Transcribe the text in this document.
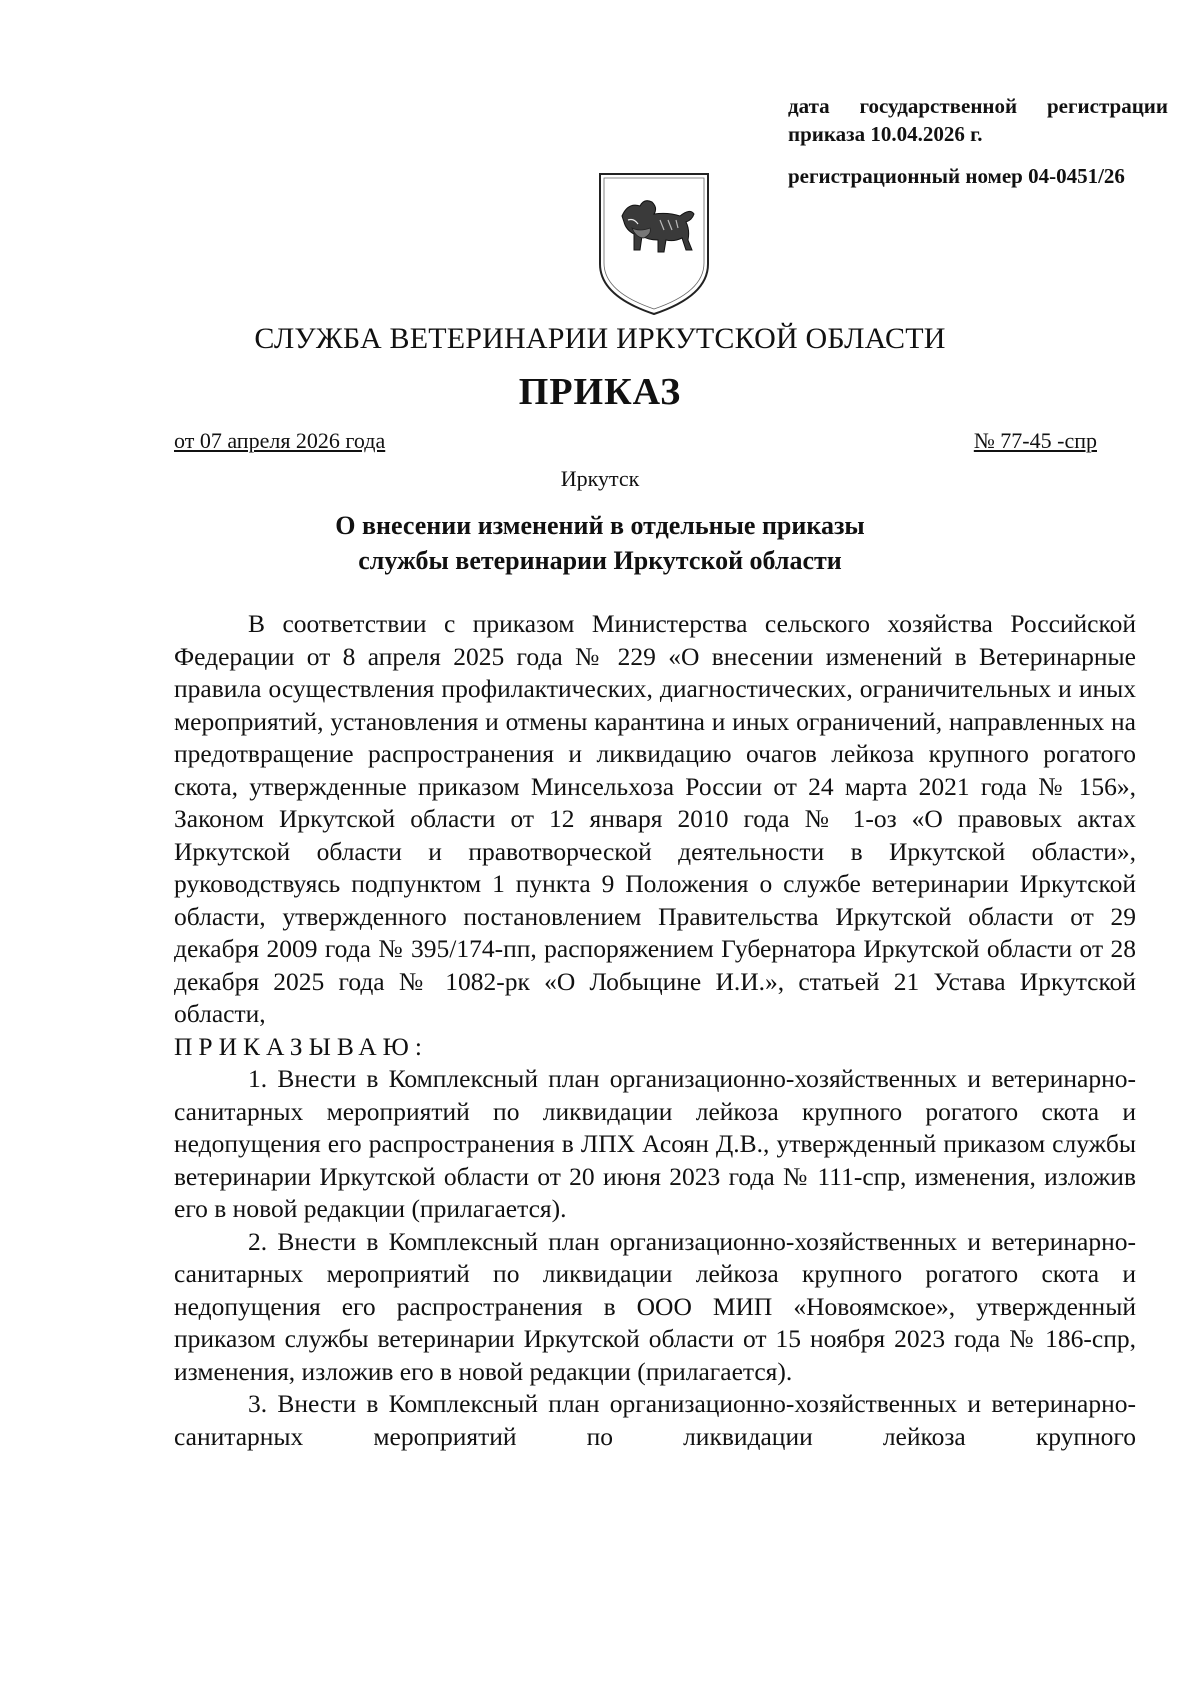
дата государственной регистрации
приказа 10.04.2026 г.
регистрационный номер 04-0451/26
СЛУЖБА ВЕТЕРИНАРИИ ИРКУТСКОЙ ОБЛАСТИ
ПРИКАЗ
от 07 апреля 2026 года	№ 77-45 -спр
Иркутск
О внесении изменений в отдельные приказы
службы ветеринарии Иркутской области

В соответствии с приказом Министерства сельского хозяйства Российской Федерации от 8 апреля 2025 года № 229 «О внесении изменений в Ветеринарные правила осуществления профилактических, диагностических, ограничительных и иных мероприятий, установления и отмены карантина и иных ограничений, направленных на предотвращение распространения и ликвидацию очагов лейкоза крупного рогатого скота, утвержденные приказом Минсельхоза России от 24 марта 2021 года № 156», Законом Иркутской области от 12 января 2010 года № 1-оз «О правовых актах Иркутской области и правотворческой деятельности в Иркутской области», руководствуясь подпунктом 1 пункта 9 Положения о службе ветеринарии Иркутской области, утвержденного постановлением Правительства Иркутской области от 29 декабря 2009 года № 395/174-пп, распоряжением Губернатора Иркутской области от 28 декабря 2025 года № 1082-рк «О Лобыцине И.И.», статьей 21 Устава Иркутской области,

ПРИКАЗЫВАЮ:

1. Внести в Комплексный план организационно-хозяйственных и ветеринарно-санитарных мероприятий по ликвидации лейкоза крупного рогатого скота и недопущения его распространения в ЛПХ Асоян Д.В., утвержденный приказом службы ветеринарии Иркутской области от 20 июня 2023 года № 111-спр, изменения, изложив его в новой редакции (прилагается).

2. Внести в Комплексный план организационно-хозяйственных и ветеринарно-санитарных мероприятий по ликвидации лейкоза крупного рогатого скота и недопущения его распространения в ООО МИП «Новоямское», утвержденный приказом службы ветеринарии Иркутской области от 15 ноября 2023 года № 186-спр, изменения, изложив его в новой редакции (прилагается).

3. Внести в Комплексный план организационно-хозяйственных и ветеринарно-санитарных мероприятий по ликвидации лейкоза крупного
